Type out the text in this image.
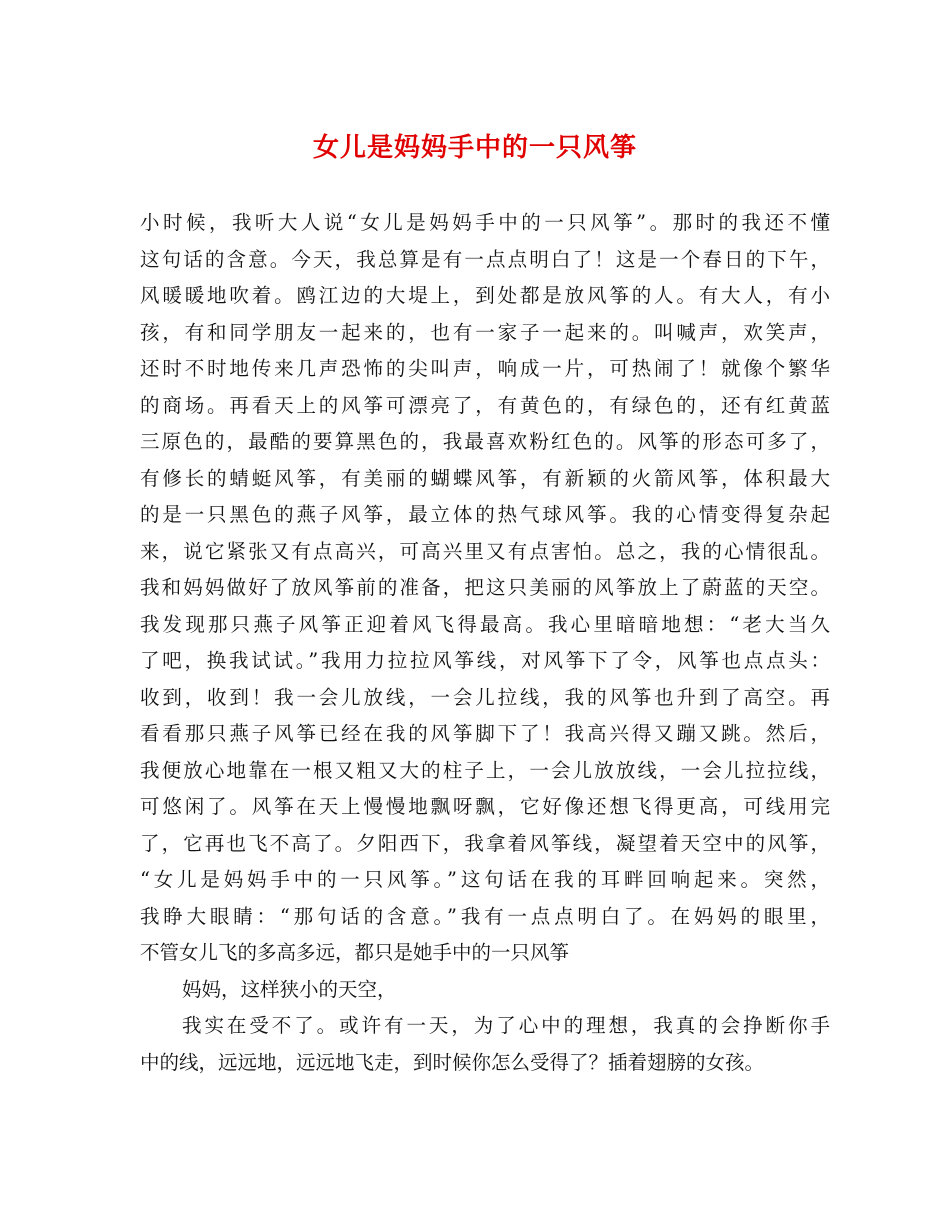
女儿是妈妈手中的一只风筝
小时候，我听大人说“女儿是妈妈手中的一只风筝”。那时的我还不懂
这句话的含意。今天，我总算是有一点点明白了！这是一个春日的下午，
风暖暖地吹着。鸥江边的大堤上，到处都是放风筝的人。有大人，有小
孩，有和同学朋友一起来的，也有一家子一起来的。叫喊声，欢笑声，
还时不时地传来几声恐怖的尖叫声，响成一片，可热闹了！就像个繁华
的商场。再看天上的风筝可漂亮了，有黄色的，有绿色的，还有红黄蓝
三原色的，最酷的要算黑色的，我最喜欢粉红色的。风筝的形态可多了，
有修长的蜻蜓风筝，有美丽的蝴蝶风筝，有新颖的火箭风筝，体积最大
的是一只黑色的燕子风筝，最立体的热气球风筝。我的心情变得复杂起
来，说它紧张又有点高兴，可高兴里又有点害怕。总之，我的心情很乱。
我和妈妈做好了放风筝前的准备，把这只美丽的风筝放上了蔚蓝的天空。
我发现那只燕子风筝正迎着风飞得最高。我心里暗暗地想：“老大当久
了吧，换我试试。”我用力拉拉风筝线，对风筝下了令，风筝也点点头：
收到，收到！我一会儿放线，一会儿拉线，我的风筝也升到了高空。再
看看那只燕子风筝已经在我的风筝脚下了！我高兴得又蹦又跳。然后，
我便放心地靠在一根又粗又大的柱子上，一会儿放放线，一会儿拉拉线，
可悠闲了。风筝在天上慢慢地飘呀飘，它好像还想飞得更高，可线用完
了，它再也飞不高了。夕阳西下，我拿着风筝线，凝望着天空中的风筝，
“女儿是妈妈手中的一只风筝。”这句话在我的耳畔回响起来。突然，
我睁大眼睛：“那句话的含意。”我有一点点明白了。在妈妈的眼里，
不管女儿飞的多高多远，都只是她手中的一只风筝
妈妈，这样狭小的天空，
我实在受不了。或许有一天，为了心中的理想，我真的会挣断你手
中的线，远远地，远远地飞走，到时候你怎么受得了？插着翅膀的女孩。
